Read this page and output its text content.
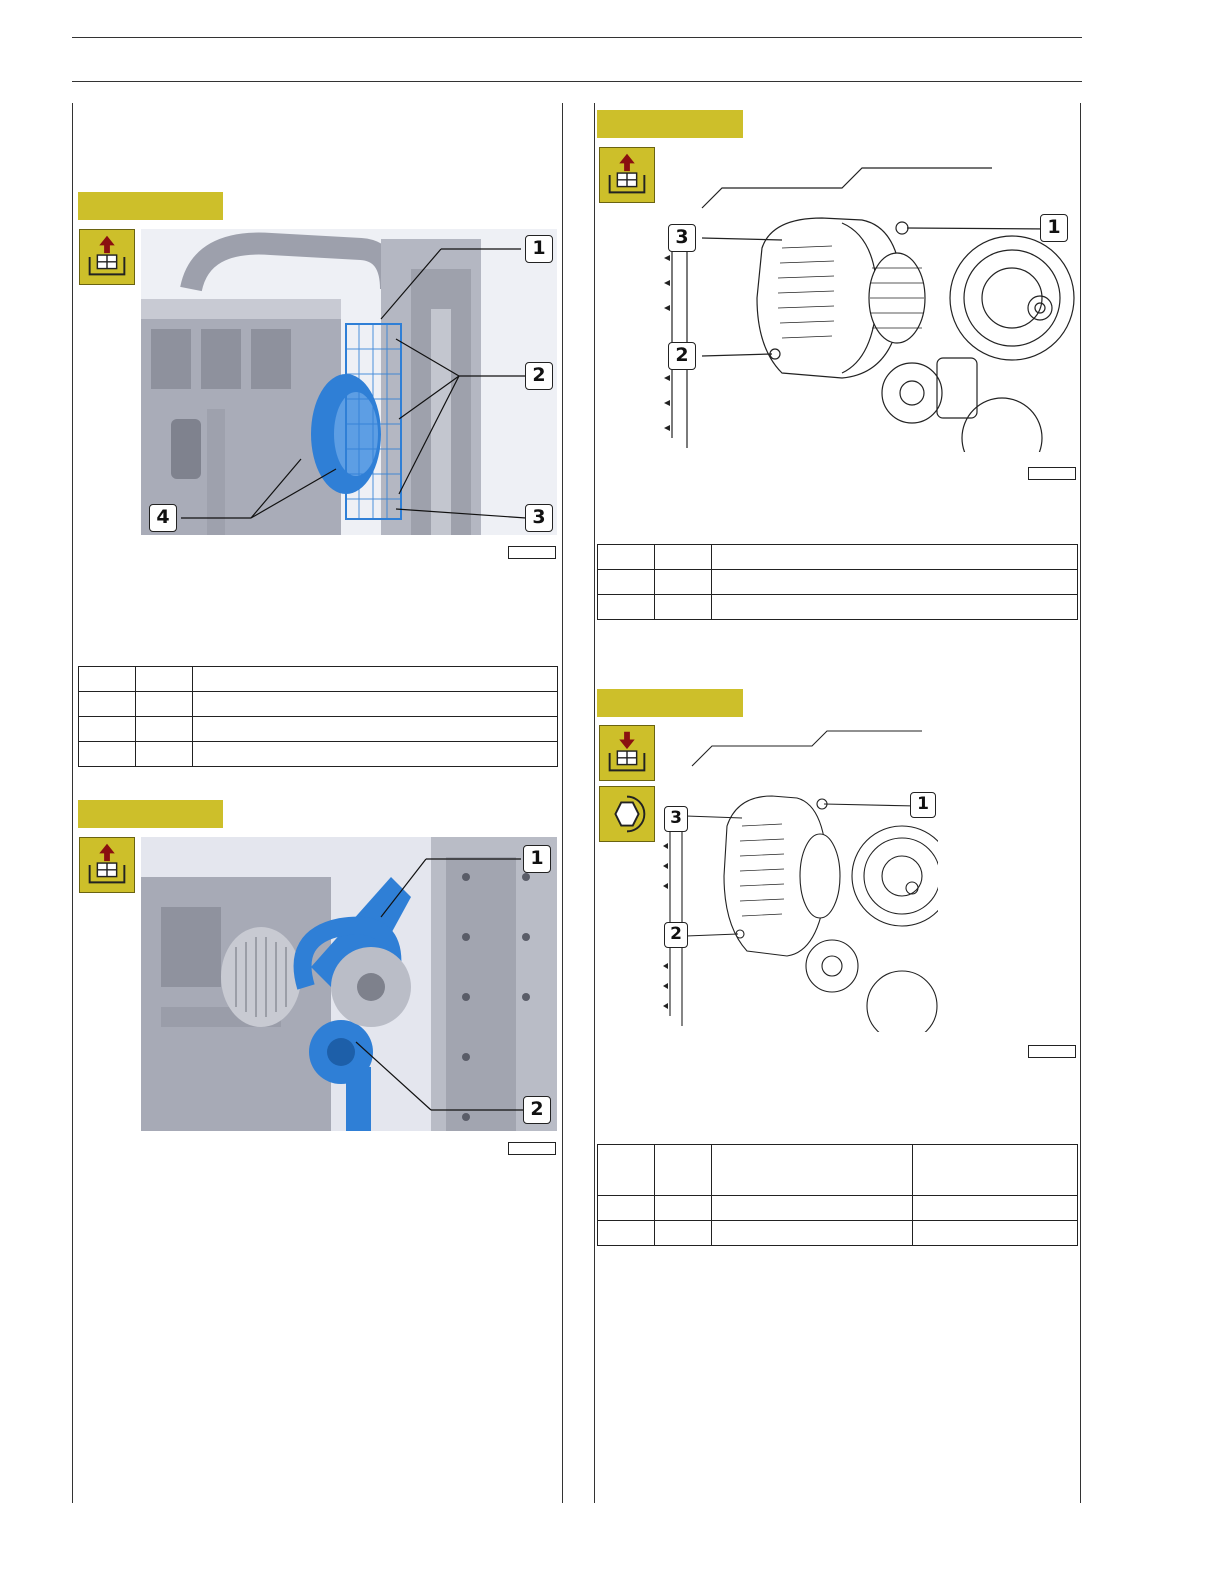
1
2
3
4

1
2
1
2
3

1
2
3
